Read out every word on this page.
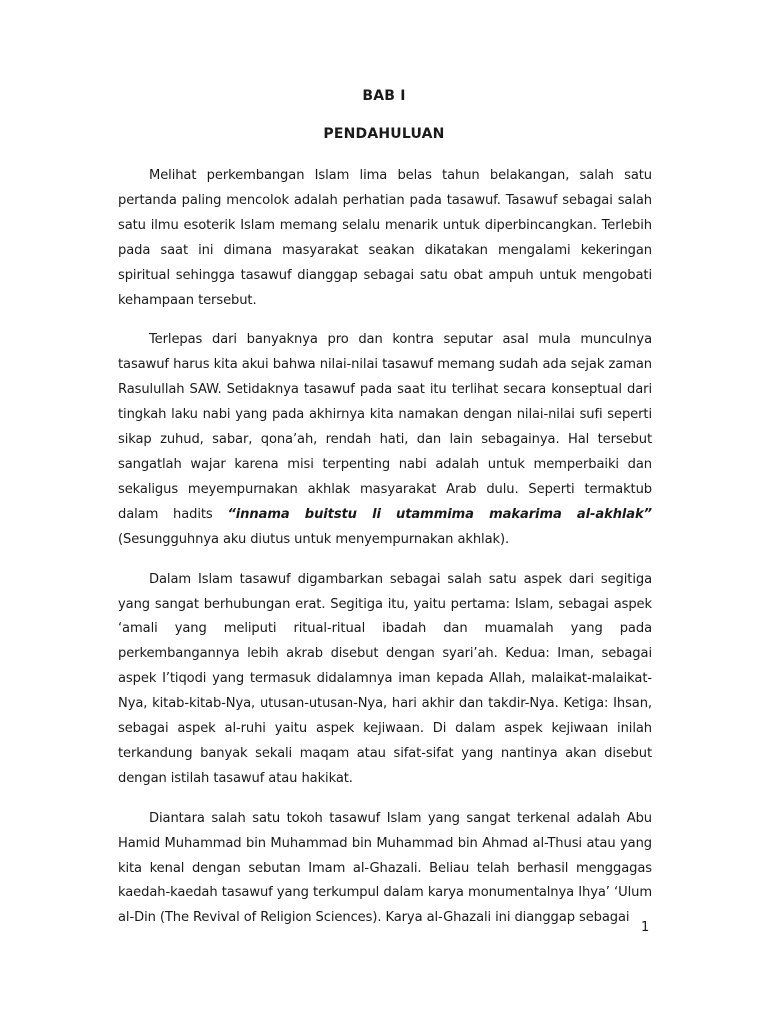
BAB I
PENDAHULUAN

Melihat perkembangan Islam lima belas tahun belakangan, salah satu pertanda paling mencolok adalah perhatian pada tasawuf. Tasawuf sebagai salah satu ilmu esoterik Islam memang selalu menarik untuk diperbincangkan. Terlebih pada saat ini dimana masyarakat seakan dikatakan mengalami kekeringan spiritual sehingga tasawuf dianggap sebagai satu obat ampuh untuk mengobati kehampaan tersebut.

Terlepas dari banyaknya pro dan kontra seputar asal mula munculnya tasawuf harus kita akui bahwa nilai-nilai tasawuf memang sudah ada sejak zaman Rasulullah SAW. Setidaknya tasawuf pada saat itu terlihat secara konseptual dari tingkah laku nabi yang pada akhirnya kita namakan dengan nilai-nilai sufi seperti sikap zuhud, sabar, qona’ah, rendah hati, dan lain sebagainya. Hal tersebut sangatlah wajar karena misi terpenting nabi adalah untuk memperbaiki dan sekaligus meyempurnakan akhlak masyarakat Arab dulu. Seperti termaktub dalam hadits “innama buitstu li utammima makarima al-akhlak” (Sesungguhnya aku diutus untuk menyempurnakan akhlak).

Dalam Islam tasawuf digambarkan sebagai salah satu aspek dari segitiga yang sangat berhubungan erat. Segitiga itu, yaitu pertama: Islam, sebagai aspek ‘amali yang meliputi ritual-ritual ibadah dan muamalah yang pada perkembangannya lebih akrab disebut dengan syari’ah. Kedua: Iman, sebagai aspek I’tiqodi yang termasuk didalamnya iman kepada Allah, malaikat-malaikat-Nya, kitab-kitab-Nya, utusan-utusan-Nya, hari akhir dan takdir-Nya. Ketiga: Ihsan, sebagai aspek al-ruhi yaitu aspek kejiwaan. Di dalam aspek kejiwaan inilah terkandung banyak sekali maqam atau sifat-sifat yang nantinya akan disebut dengan istilah tasawuf atau hakikat.

Diantara salah satu tokoh tasawuf Islam yang sangat terkenal adalah Abu Hamid Muhammad bin Muhammad bin Muhammad bin Ahmad al-Thusi atau yang kita kenal dengan sebutan Imam al-Ghazali. Beliau telah berhasil menggagas kaedah-kaedah tasawuf yang terkumpul dalam karya monumentalnya Ihya’ ‘Ulum al-Din (The Revival of Religion Sciences). Karya al-Ghazali ini dianggap sebagai

1
